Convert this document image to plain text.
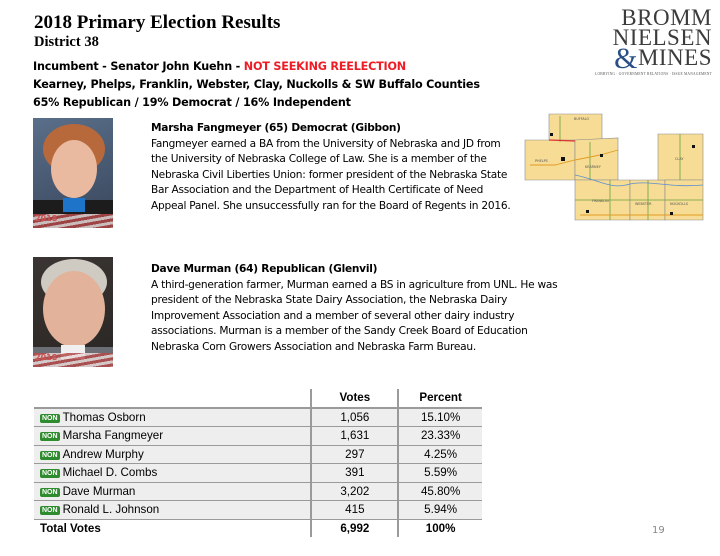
2018 Primary Election Results
District 38
Incumbent - Senator John Kuehn - NOT SEEKING REELECTION
Kearney, Phelps, Franklin, Webster, Clay, Nuckolls & SW Buffalo Counties
65% Republican / 19% Democrat / 16% Independent
BROMM
NIELSEN
&MINES
LOBBYING · GOVERNMENT RELATIONS · ISSUE MANAGEMENT
2018
Marsha Fangmeyer (65) Democrat (Gibbon)
Fangmeyer earned a BA from the University of Nebraska and JD from the University of Nebraska College of Law. She is a member of the Nebraska Civil Liberties Union: former president of the Nebraska State Bar Association and the Department of Health Certificate of Need Appeal Panel. She unsuccessfully ran for the Board of Regents in 2016.
2018
Dave Murman (64) Republican (Glenvil)
A third-generation farmer, Murman earned a BS in agriculture from UNL. He was president of the Nebraska State Dairy Association, the Nebraska Dairy Improvement Association and a member of several other dairy industry associations. Murman is a member of the Sandy Creek Board of Education Nebraska Corn Growers Association and Nebraska Farm Bureau.
BUFFALO
PHELPS
KEARNEY
CLAY
FRANKLIN
WEBSTER	NUCKOLLS
	Votes	Percent
NON Thomas Osborn	1,056	15.10%
NON Marsha Fangmeyer	1,631	23.33%
NON Andrew Murphy	297	4.25%
NON Michael D. Combs	391	5.59%
NON Dave Murman	3,202	45.80%
NON Ronald L. Johnson	415	5.94%
Total Votes	6,992	100%	19
